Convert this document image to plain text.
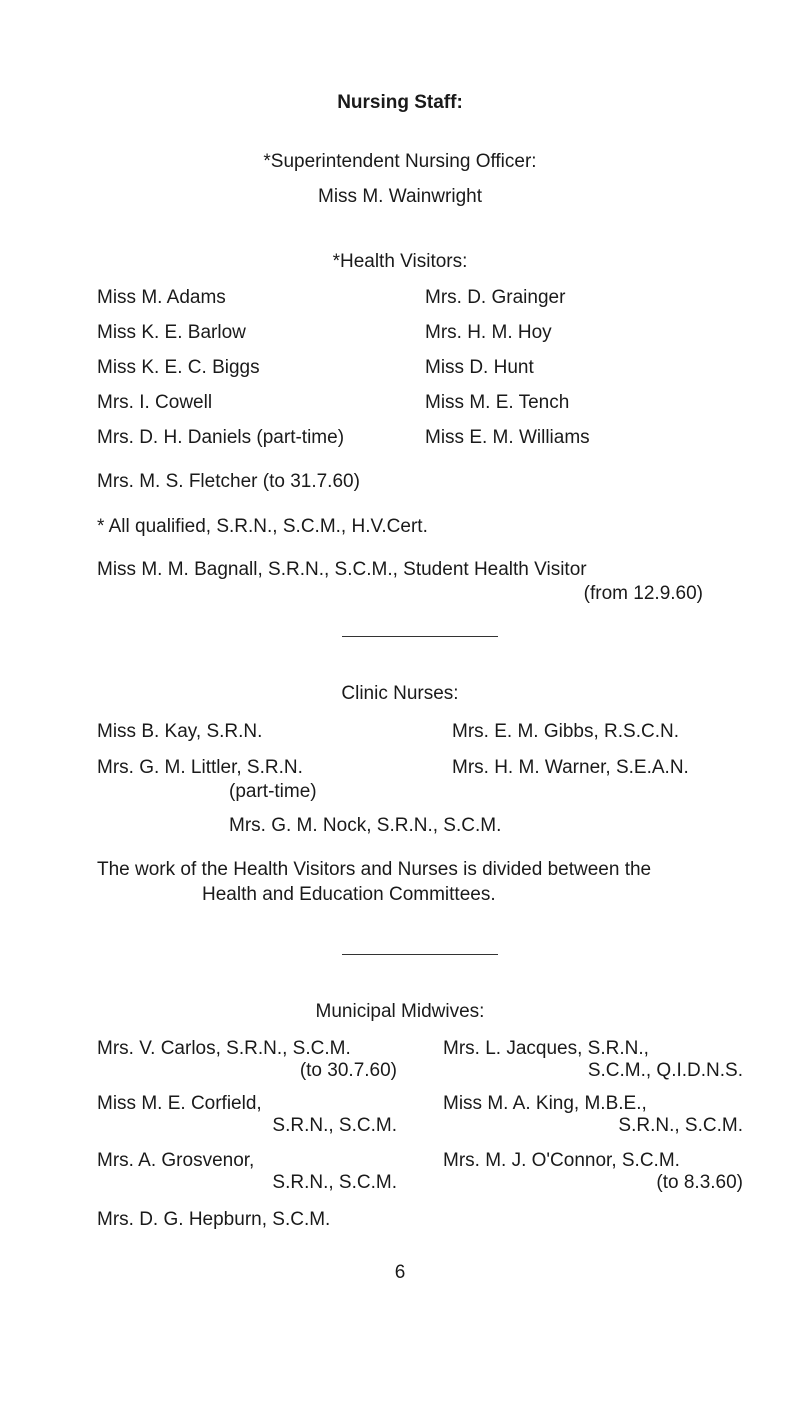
Nursing Staff:
*Superintendent Nursing Officer:
Miss M. Wainwright
*Health Visitors:
Miss M. Adams
Miss K. E. Barlow
Miss K. E. C. Biggs
Mrs. I. Cowell
Mrs. D. H. Daniels (part-time)
Mrs. M. S. Fletcher (to 31.7.60)
Mrs. D. Grainger
Mrs. H. M. Hoy
Miss D. Hunt
Miss M. E. Tench
Miss E. M. Williams
* All qualified, S.R.N., S.C.M., H.V.Cert.
Miss M. M. Bagnall, S.R.N., S.C.M., Student Health Visitor
(from 12.9.60)
Clinic Nurses:
Miss B. Kay, S.R.N.	Mrs. E. M. Gibbs, R.S.C.N.
Mrs. G. M. Littler, S.R.N.
(part-time)
Mrs. H. M. Warner, S.E.A.N.
Mrs. G. M. Nock, S.R.N., S.C.M.
The work of the Health Visitors and Nurses is divided between the
Health and Education Committees.
Municipal Midwives:
Mrs. V. Carlos, S.R.N., S.C.M.
(to 30.7.60)
Miss M. E. Corfield,
S.R.N., S.C.M.
Mrs. A. Grosvenor,
S.R.N., S.C.M.
Mrs. D. G. Hepburn, S.C.M.
Mrs. L. Jacques, S.R.N.,
S.C.M., Q.I.D.N.S.
Miss M. A. King, M.B.E.,
S.R.N., S.C.M.
Mrs. M. J. O'Connor, S.C.M.
(to 8.3.60)
6
